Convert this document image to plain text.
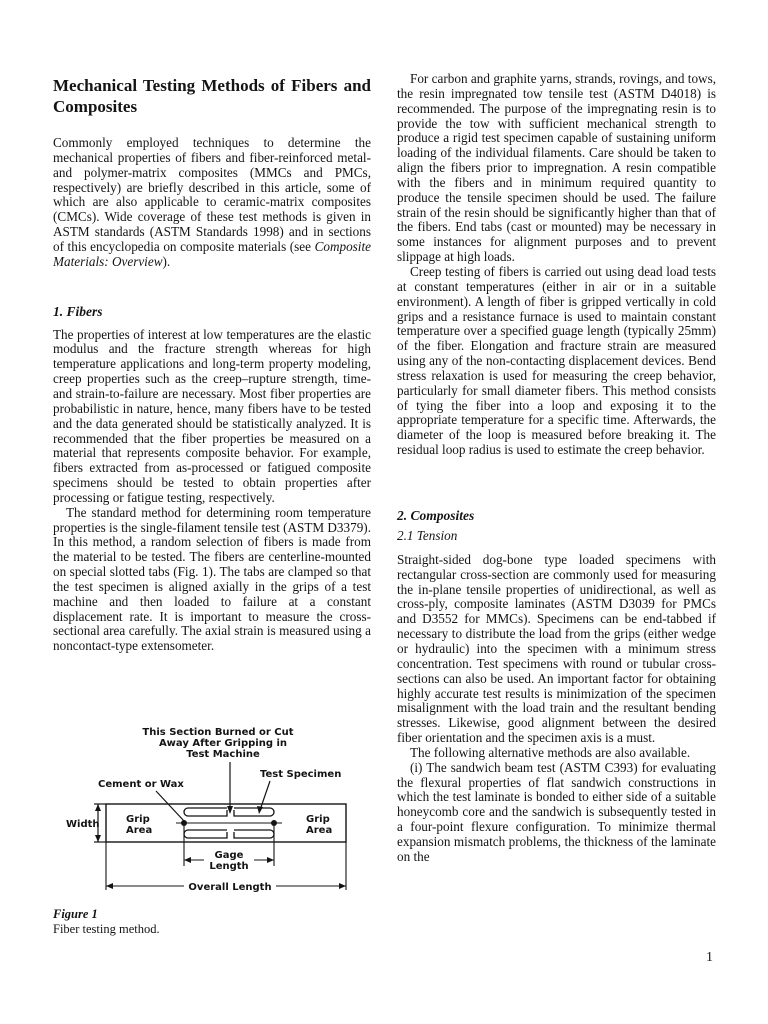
Mechanical Testing Methods of Fibers and Composites

Commonly employed techniques to determine the mechanical properties of fibers and fiber-reinforced metal- and polymer-matrix composites (MMCs and PMCs, respectively) are briefly described in this article, some of which are also applicable to ceramic-matrix composites (CMCs). Wide coverage of these test methods is given in ASTM standards (ASTM Standards 1998) and in sections of this encyclopedia on composite materials (see Composite Materials: Overview).

1. Fibers

The properties of interest at low temperatures are the elastic modulus and the fracture strength whereas for high temperature applications and long-term property modeling, creep properties such as the creep–rupture strength, time- and strain-to-failure are necessary. Most fiber properties are probabilistic in nature, hence, many fibers have to be tested and the data generated should be statistically analyzed. It is recommended that the fiber properties be measured on a material that represents composite behavior. For example, fibers extracted from as-processed or fatigued composite specimens should be tested to obtain properties after processing or fatigue testing, respectively.

The standard method for determining room temperature properties is the single-filament tensile test (ASTM D3379). In this method, a random selection of fibers is made from the material to be tested. The fibers are centerline-mounted on special slotted tabs (Fig. 1). The tabs are clamped so that the test specimen is aligned axially in the grips of a test machine and then loaded to failure at a constant displacement rate. It is important to measure the cross-sectional area carefully. The axial strain is measured using a noncontact-type extensometer.

This Section Burned or Cut
Away After Gripping in
Test Machine
Cement or Wax
Test Specimen
Grip
Area
Grip
Area
Width
Gage
Length
Overall Length
Figure 1
Fiber testing method.

For carbon and graphite yarns, strands, rovings, and tows, the resin impregnated tow tensile test (ASTM D4018) is recommended. The purpose of the impregnating resin is to provide the tow with sufficient mechanical strength to produce a rigid test specimen capable of sustaining uniform loading of the individual filaments. Care should be taken to align the fibers prior to impregnation. A resin compatible with the fibers and in minimum required quantity to produce the tensile specimen should be used. The failure strain of the resin should be significantly higher than that of the fibers. End tabs (cast or mounted) may be necessary in some instances for alignment purposes and to prevent slippage at high loads.

Creep testing of fibers is carried out using dead load tests at constant temperatures (either in air or in a suitable environment). A length of fiber is gripped vertically in cold grips and a resistance furnace is used to maintain constant temperature over a specified guage length (typically 25mm) of the fiber. Elongation and fracture strain are measured using any of the non-contacting displacement devices. Bend stress relaxation is used for measuring the creep behavior, particularly for small diameter fibers. This method consists of tying the fiber into a loop and exposing it to the appropriate temperature for a specific time. Afterwards, the diameter of the loop is measured before breaking it. The residual loop radius is used to estimate the creep behavior.

2. Composites
2.1 Tension

Straight-sided dog-bone type loaded specimens with rectangular cross-section are commonly used for measuring the in-plane tensile properties of unidirectional, as well as cross-ply, composite laminates (ASTM D3039 for PMCs and D3552 for MMCs). Specimens can be end-tabbed if necessary to distribute the load from the grips (either wedge or hydraulic) into the specimen with a minimum stress concentration. Test specimens with round or tubular cross-sections can also be used. An important factor for obtaining highly accurate test results is minimization of the specimen misalignment with the load train and the resultant bending stresses. Likewise, good alignment between the desired fiber orientation and the specimen axis is a must.

The following alternative methods are also available.

(i) The sandwich beam test (ASTM C393) for evaluating the flexural properties of flat sandwich constructions in which the test laminate is bonded to either side of a suitable honeycomb core and the sandwich is subsequently tested in a four-point flexure configuration. To minimize thermal expansion mismatch problems, the thickness of the laminate on the

1
